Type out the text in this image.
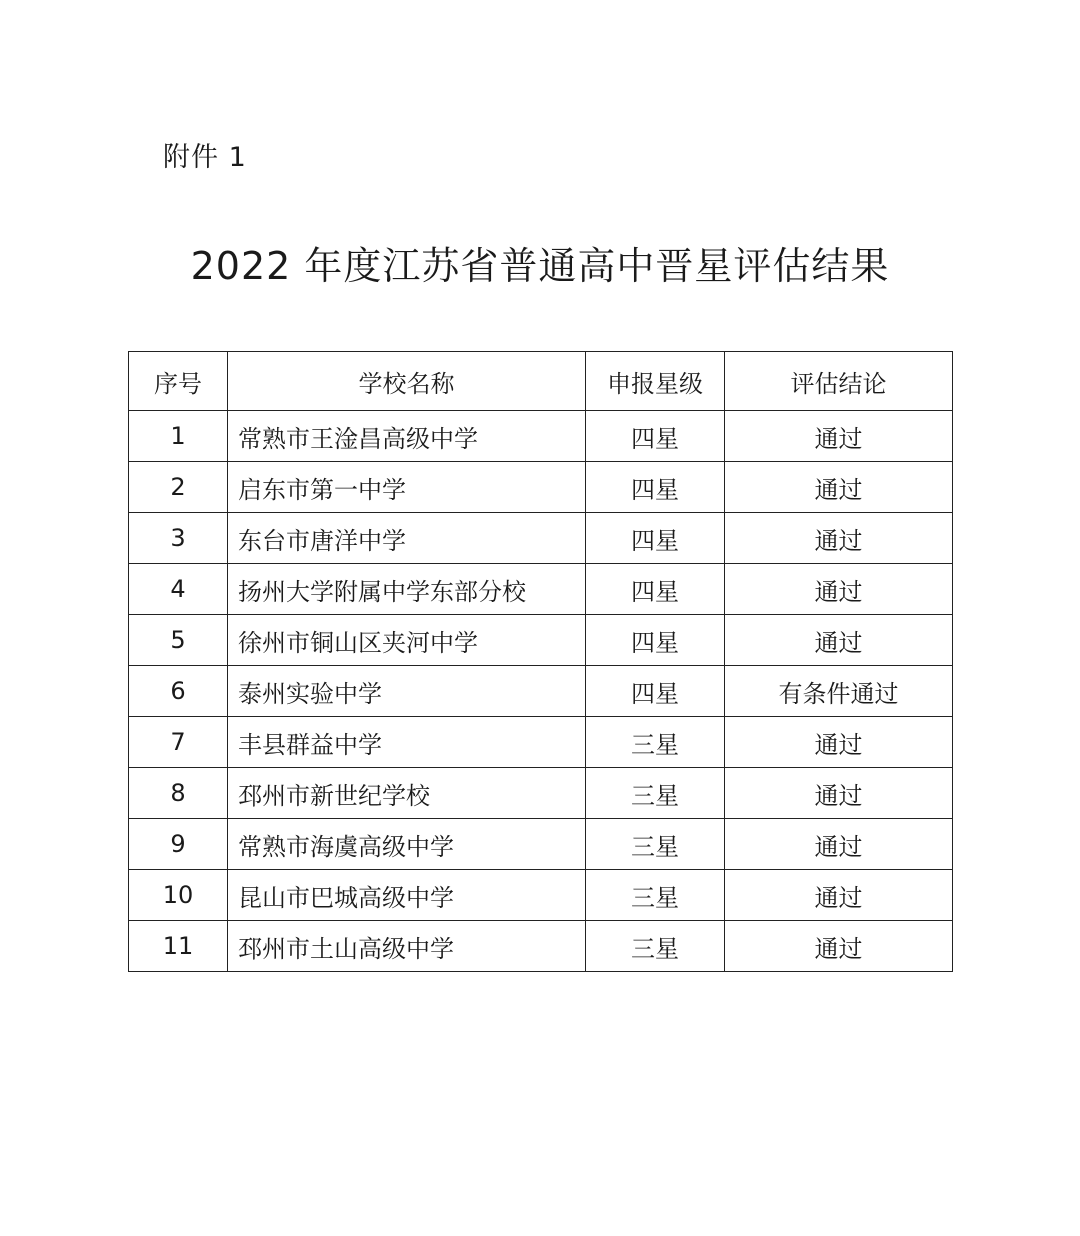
附件 1
2022 年度江苏省普通高中晋星评估结果
序号	学校名称	申报星级	评估结论
1	常熟市王淦昌高级中学	四星	通过
2	启东市第一中学	四星	通过
3	东台市唐洋中学	四星	通过
4	扬州大学附属中学东部分校	四星	通过
5	徐州市铜山区夹河中学	四星	通过
6	泰州实验中学	四星	有条件通过
7	丰县群益中学	三星	通过
8	邳州市新世纪学校	三星	通过
9	常熟市海虞高级中学	三星	通过
10	昆山市巴城高级中学	三星	通过
11	邳州市土山高级中学	三星	通过
